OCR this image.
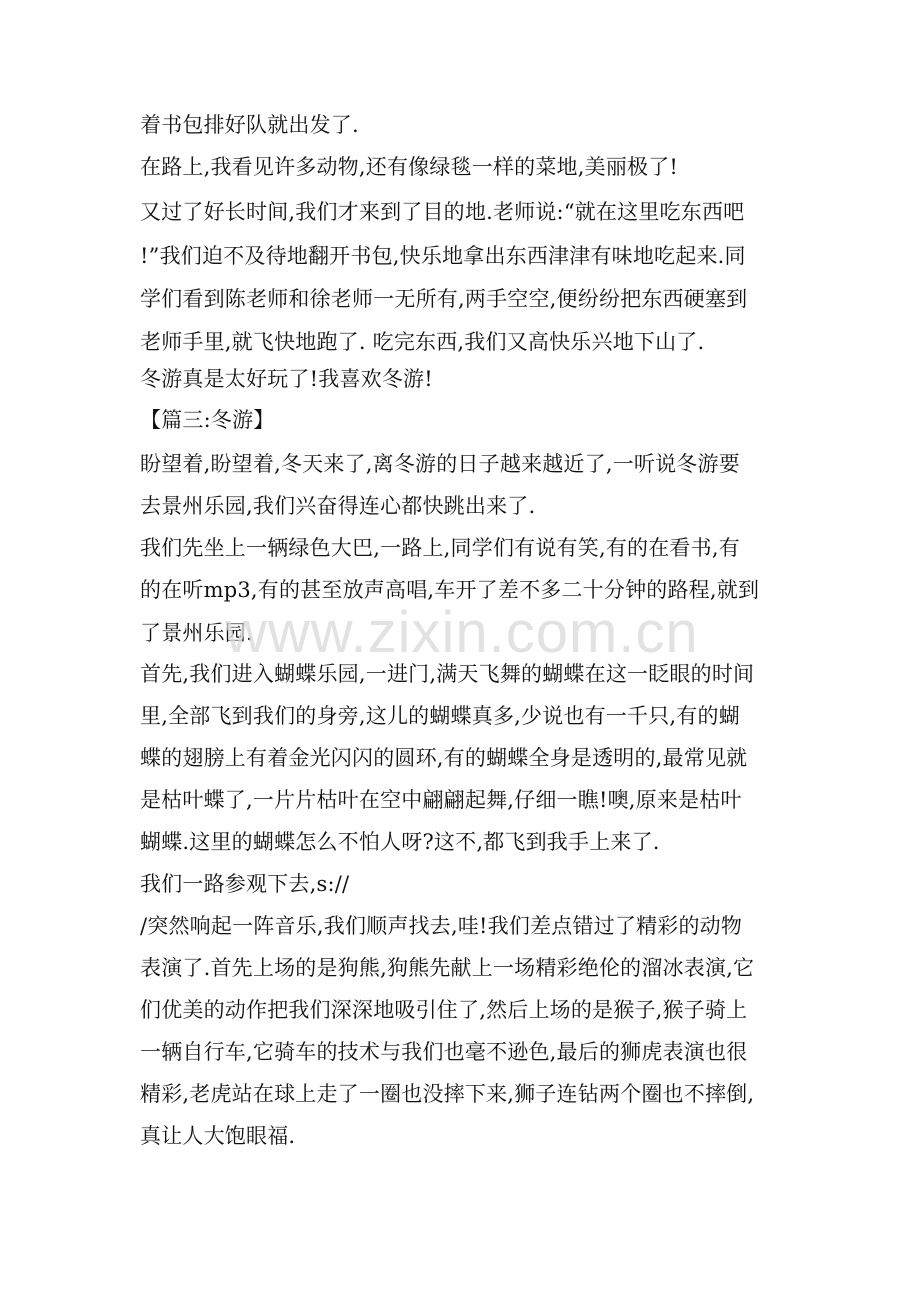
着书包排好队就出发了.
在路上,我看见许多动物,还有像绿毯一样的菜地,美丽极了!
又过了好长时间,我们才来到了目的地.老师说:“就在这里吃东西吧
!”我们迫不及待地翻开书包,快乐地拿出东西津津有味地吃起来.同
学们看到陈老师和徐老师一无所有,两手空空,便纷纷把东西硬塞到
老师手里,就飞快地跑了. 吃完东西,我们又高快乐兴地下山了.
冬游真是太好玩了!我喜欢冬游!
【篇三:冬游】
盼望着,盼望着,冬天来了,离冬游的日子越来越近了,一听说冬游要
去景州乐园,我们兴奋得连心都快跳出来了.
我们先坐上一辆绿色大巴,一路上,同学们有说有笑,有的在看书,有
的在听mp3,有的甚至放声高唱,车开了差不多二十分钟的路程,就到
了景州乐园.
首先,我们进入蝴蝶乐园,一进门,满天飞舞的蝴蝶在这一眨眼的时间
里,全部飞到我们的身旁,这儿的蝴蝶真多,少说也有一千只,有的蝴
蝶的翅膀上有着金光闪闪的圆环,有的蝴蝶全身是透明的,最常见就
是枯叶蝶了,一片片枯叶在空中翩翩起舞,仔细一瞧!噢,原来是枯叶
蝴蝶.这里的蝴蝶怎么不怕人呀?这不,都飞到我手上来了.
我们一路参观下去,s://
/突然响起一阵音乐,我们顺声找去,哇!我们差点错过了精彩的动物
表演了.首先上场的是狗熊,狗熊先献上一场精彩绝伦的溜冰表演,它
们优美的动作把我们深深地吸引住了,然后上场的是猴子,猴子骑上
一辆自行车,它骑车的技术与我们也毫不逊色,最后的狮虎表演也很
精彩,老虎站在球上走了一圈也没摔下来,狮子连钻两个圈也不摔倒,
真让人大饱眼福.
www.zixin.com.cn
